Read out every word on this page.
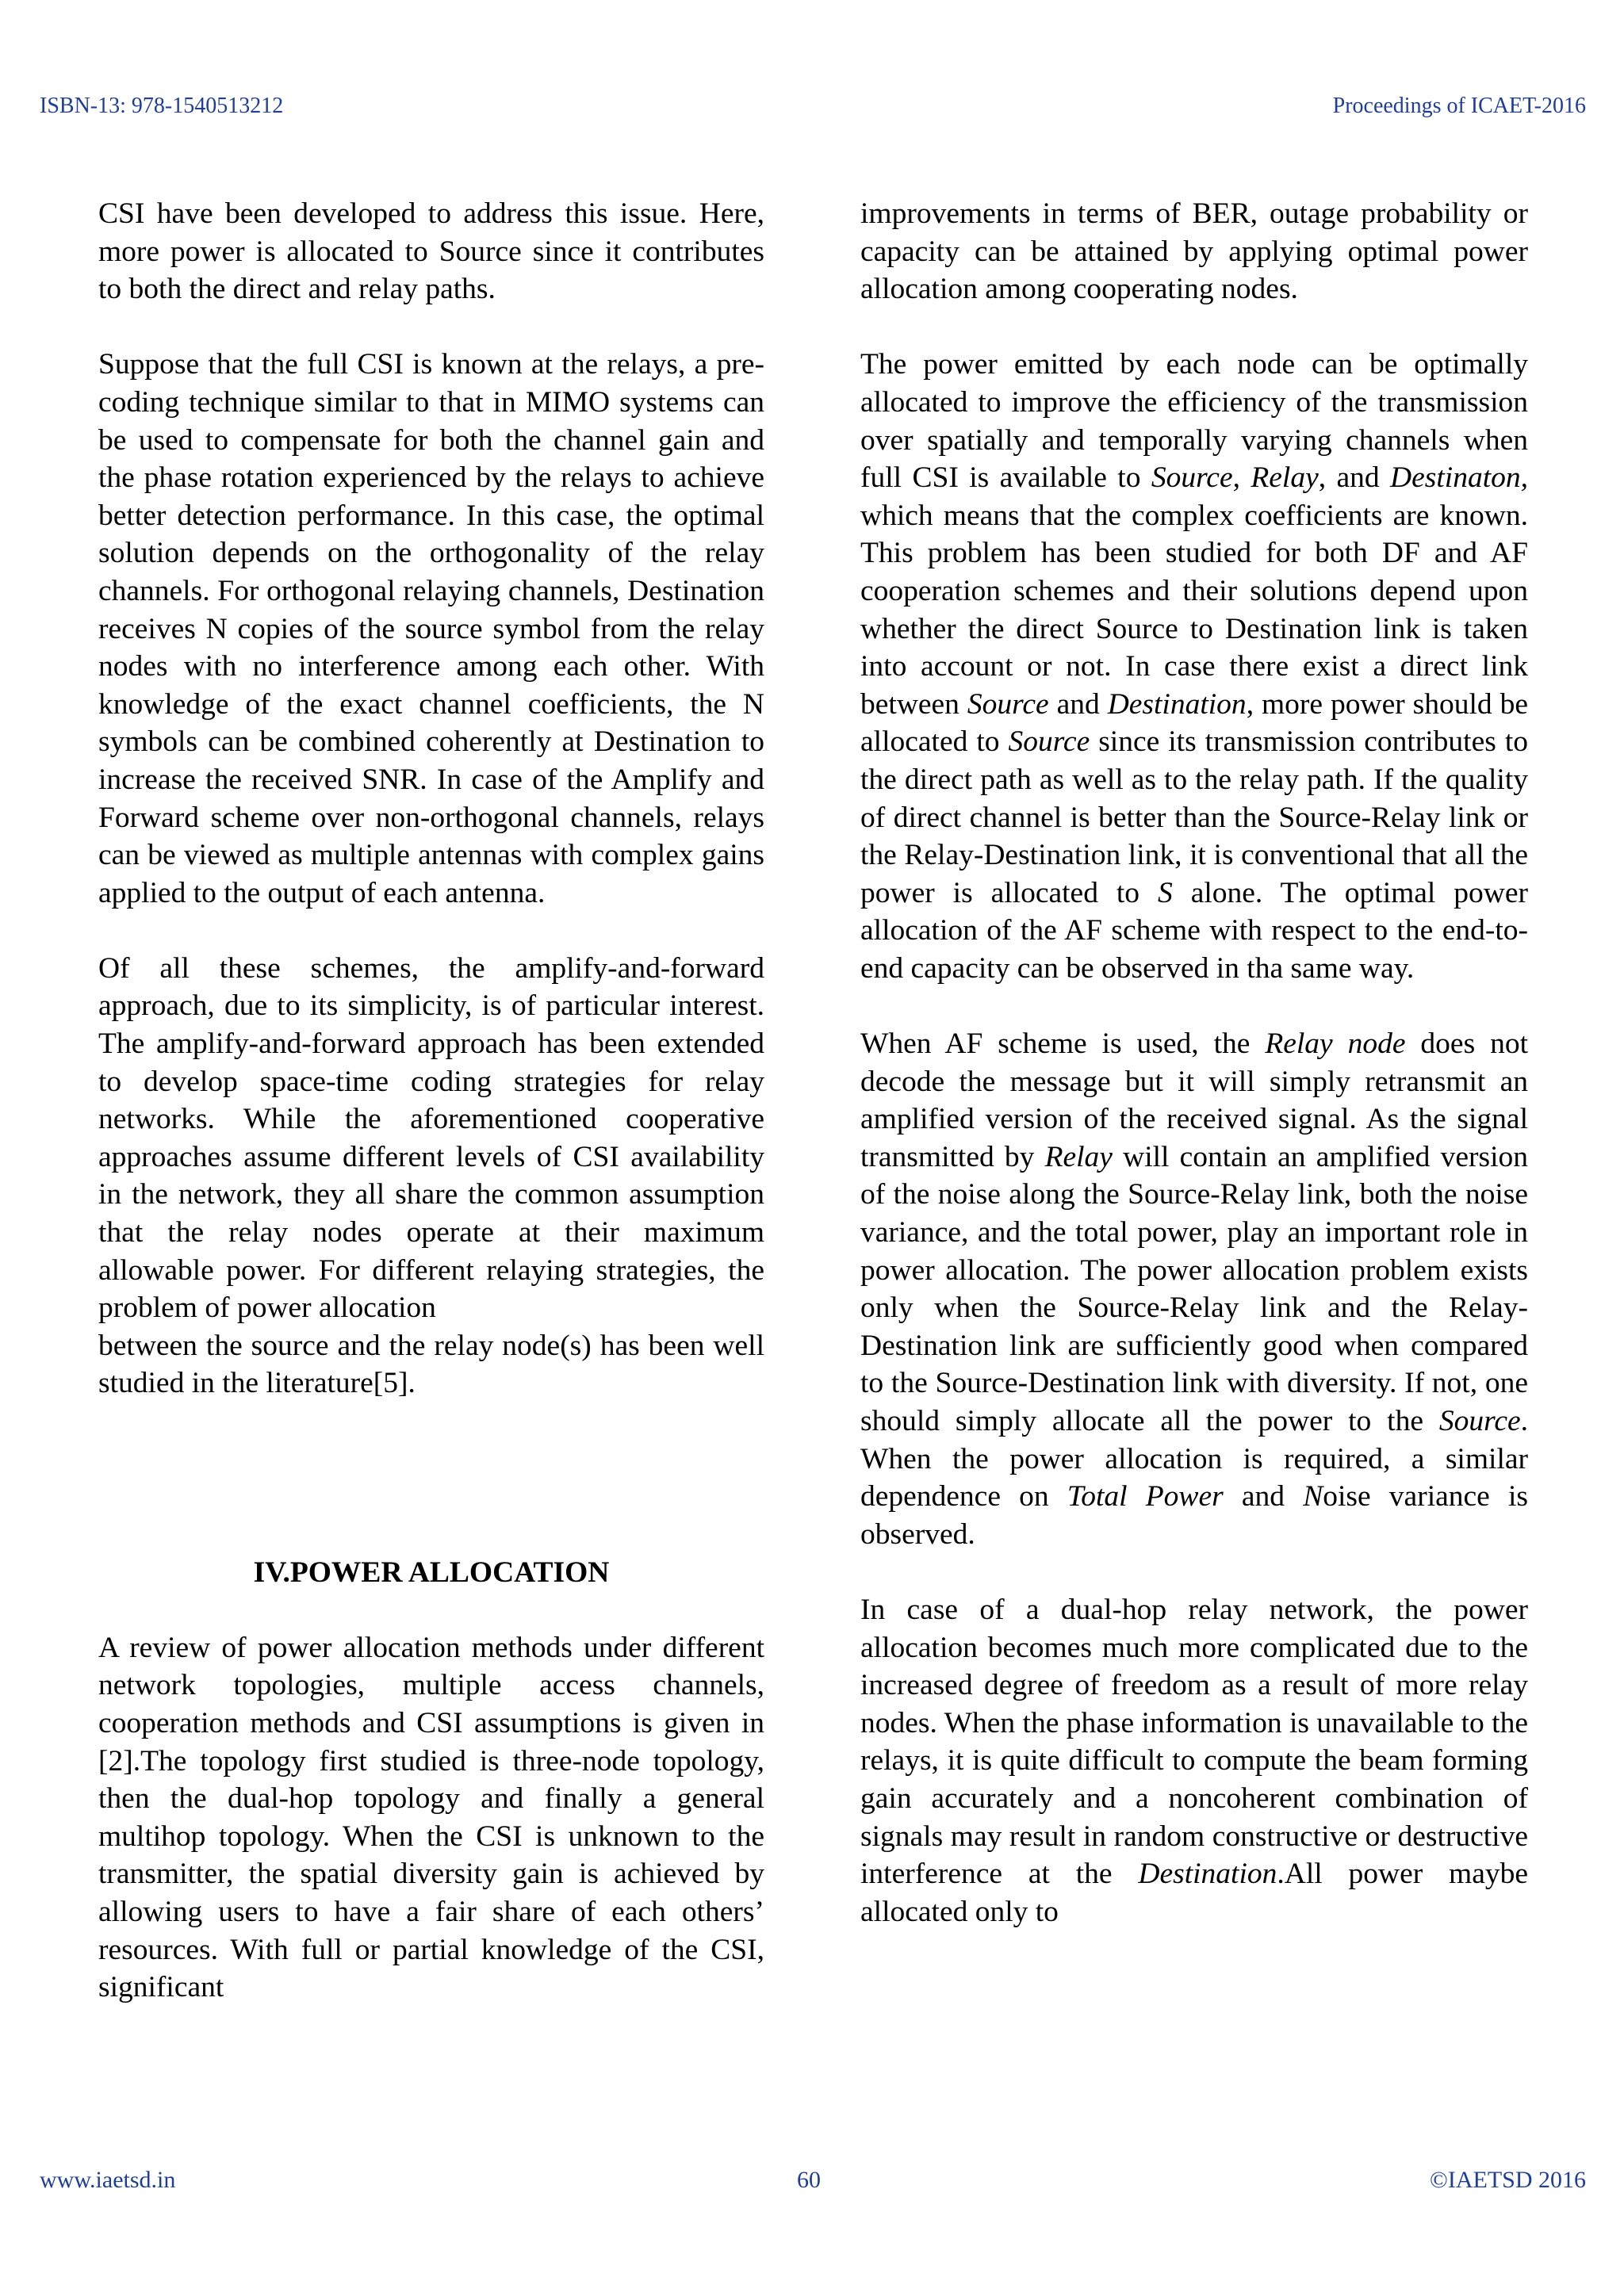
ISBN-13: 978-1540513212	Proceedings of ICAET-2016

CSI have been developed to address this issue. Here, more power is allocated to Source since it contributes to both the direct and relay paths.

Suppose that the full CSI is known at the relays, a pre-coding technique similar to that in MIMO systems can be used to compensate for both the channel gain and the phase rotation experienced by the relays to achieve better detection performance. In this case, the optimal solution depends on the orthogonality of the relay channels. For orthogonal relaying channels, Destination receives N copies of the source symbol from the relay nodes with no interference among each other. With knowledge of the exact channel coefficients, the N symbols can be combined coherently at Destination to increase the received SNR. In case of the Amplify and Forward scheme over non-orthogonal channels, relays can be viewed as multiple antennas with complex gains applied to the output of each antenna.

Of all these schemes, the amplify-and-forward approach, due to its simplicity, is of particular interest. The amplify-and-forward approach has been extended to develop space-time coding strategies for relay networks. While the aforementioned cooperative approaches assume different levels of CSI availability in the network, they all share the common assumption that the relay nodes operate at their maximum allowable power. For different relaying strategies, the problem of power allocation

between the source and the relay node(s) has been well studied in the literature[5].

IV.POWER ALLOCATION

A review of power allocation methods under different network topologies, multiple access channels, cooperation methods and CSI assumptions is given in [2].The topology first studied is three-node topology, then the dual-hop topology and finally a general multihop topology. When the CSI is unknown to the transmitter, the spatial diversity gain is achieved by allowing users to have a fair share of each others’ resources. With full or partial knowledge of the CSI, significant

improvements in terms of BER, outage probability or capacity can be attained by applying optimal power allocation among cooperating nodes.

The power emitted by each node can be optimally allocated to improve the efficiency of the transmission over spatially and temporally varying channels when full CSI is available to Source, Relay, and Destinaton, which means that the complex coefficients are known. This problem has been studied for both DF and AF cooperation schemes and their solutions depend upon whether the direct Source to Destination link is taken into account or not. In case there exist a direct link between Source and Destination, more power should be allocated to Source since its transmission contributes to the direct path as well as to the relay path. If the quality of direct channel is better than the Source-Relay link or the Relay-Destination link, it is conventional that all the power is allocated to S alone. The optimal power allocation of the AF scheme with respect to the end-to-end capacity can be observed in tha same way.

When AF scheme is used, the Relay node does not decode the message but it will simply retransmit an amplified version of the received signal. As the signal transmitted by Relay will contain an amplified version of the noise along the Source-Relay link, both the noise variance, and the total power, play an important role in power allocation. The power allocation problem exists only when the Source-Relay link and the Relay-Destination link are sufficiently good when compared to the Source-Destination link with diversity. If not, one should simply allocate all the power to the Source. When the power allocation is required, a similar dependence on Total Power and Noise variance is observed.

In case of a dual-hop relay network, the power allocation becomes much more complicated due to the increased degree of freedom as a result of more relay nodes. When the phase information is unavailable to the relays, it is quite difficult to compute the beam forming gain accurately and a noncoherent combination of signals may result in random constructive or destructive interference at the Destination.All power maybe allocated only to

www.iaetsd.in	60	©IAETSD 2016
